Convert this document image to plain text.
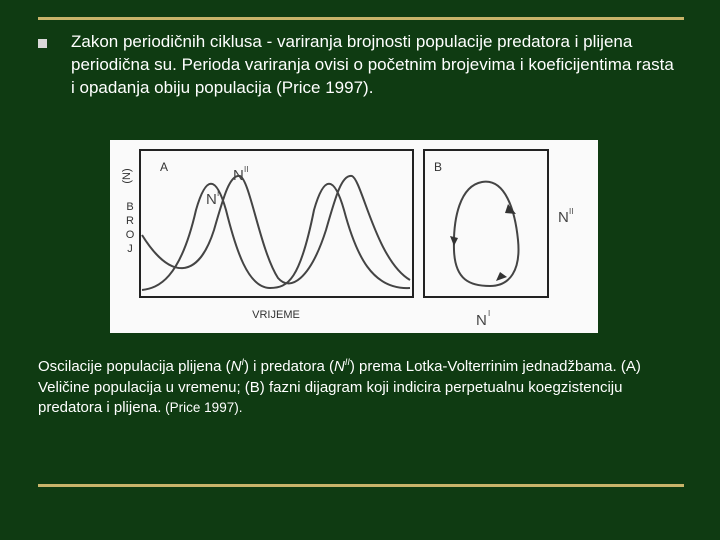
Zakon periodičnih ciklusa - variranja brojnosti populacije predatora i plijena periodična su. Perioda variranja ovisi o početnim brojevima i koeficijentima rasta i opadanja obiju populacija (Price 1997).

A
(N)
B
R
O
J
N I
N II
VRIJEME
B
N II
N I

Oscilacije populacija plijena $(N^I)$ i predatora $(N^{II})$ prema Lotka-Volterrinim jednadžbama. (A) Veličine populacija u vremenu; (B) fazni dijagram koji indicira perpetualnu koegzistenciju predatora i plijena. (Price 1997).
